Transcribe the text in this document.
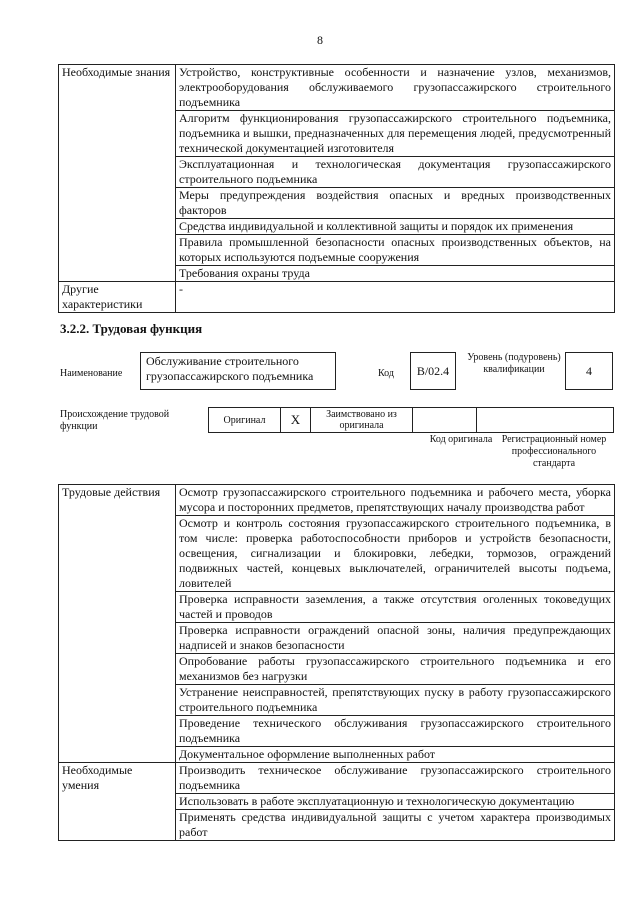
8
Необходимые знания	Устройство, конструктивные особенности и назначение узлов, механизмов, электрооборудования обслуживаемого грузопассажирского строительного подъемника
	Алгоритм функционирования грузопассажирского строительного подъемника, подъемника и вышки, предназначенных для перемещения людей, предусмотренный технической документацией изготовителя
	Эксплуатационная и технологическая документация грузопассажирского строительного подъемника
	Меры предупреждения воздействия опасных и вредных производственных факторов
	Средства индивидуальной и коллективной защиты и порядок их применения
	Правила промышленной безопасности опасных производственных объектов, на которых используются подъемные сооружения
	Требования охраны труда
Другие характеристики	-
3.2.2. Трудовая функция
Наименование
Обслуживание строительного грузопассажирского подъемника	Код	B/02.4
Уровень (подуровень) квалификации	4
Происхождение трудовой функции
Оригинал	X	Заимствовано из оригинала
Код оригинала Регистрационный номер профессионального стандарта
Трудовые действия	Осмотр грузопассажирского строительного подъемника и рабочего места, уборка мусора и посторонних предметов, препятствующих началу производства работ
	Осмотр и контроль состояния грузопассажирского строительного подъемника, в том числе: проверка работоспособности приборов и устройств безопасности, освещения, сигнализации и блокировки, лебедки, тормозов, ограждений подвижных частей, концевых выключателей, ограничителей высоты подъема, ловителей
	Проверка исправности заземления, а также отсутствия оголенных токоведущих частей и проводов
	Проверка исправности ограждений опасной зоны, наличия предупреждающих надписей и знаков безопасности
	Опробование работы грузопассажирского строительного подъемника и его механизмов без нагрузки
	Устранение неисправностей, препятствующих пуску в работу грузопассажирского строительного подъемника
	Проведение технического обслуживания грузопассажирского строительного подъемника
	Документальное оформление выполненных работ
Необходимые умения	Производить техническое обслуживание грузопассажирского строительного подъемника
	Использовать в работе эксплуатационную и технологическую документацию
	Применять средства индивидуальной защиты с учетом характера производимых работ
